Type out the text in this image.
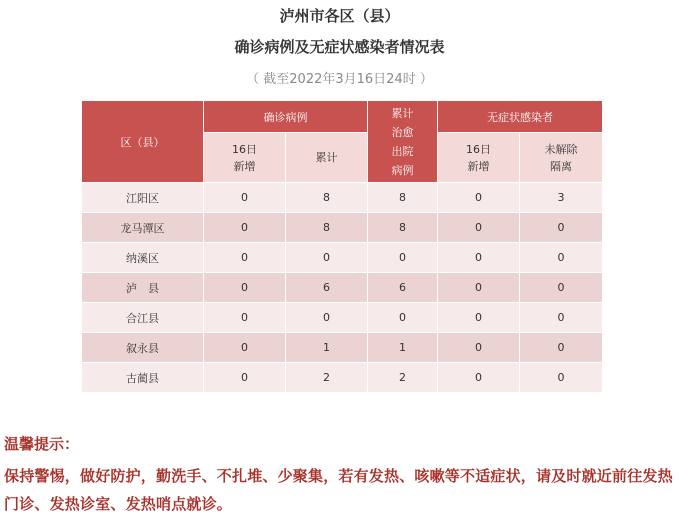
泸州市各区（县）
确诊病例及无症状感染者情况表
（ 截至2022年3月16日24时 ）
区（县）	确诊病例		累计治愈出院病例	无症状感染者	
	16日新增	累计		16日新增	未解除隔离
江阳区	0	8	8	0	3
龙马潭区	0	8	8	0	0
纳溪区	0	0	0	0	0
泸　县	0	6	6	0	0
合江县	0	0	0	0	0
叙永县	0	1	1	0	0
古蔺县	0	2	2	0	0
温馨提示：
保持警惕，做好防护，勤洗手、不扎堆、少聚集，若有发热、咳嗽等不适症状，请及时就近前往发热门诊、发热诊室、发热哨点就诊。
